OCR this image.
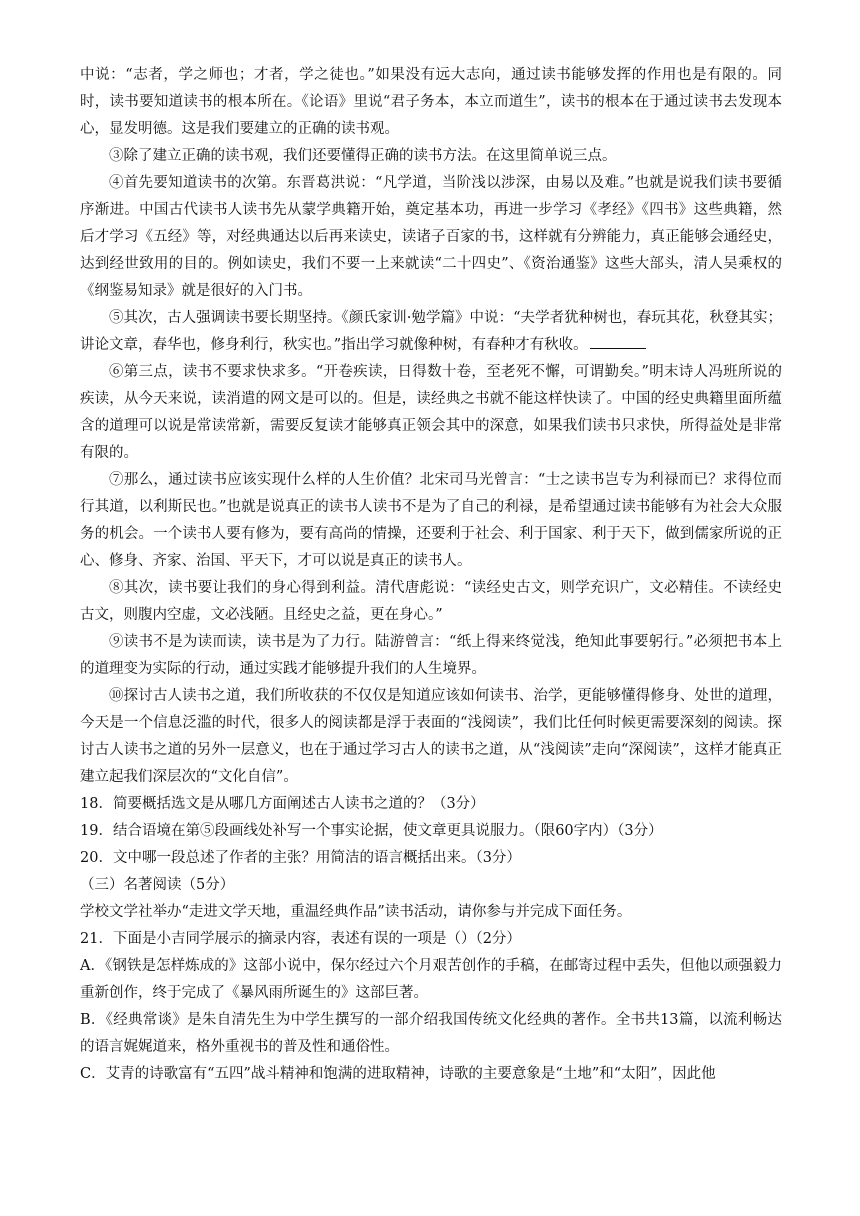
中说：“志者，学之师也；才者，学之徒也。”如果没有远大志向，通过读书能够发挥的作用也是有限的。同时，读书要知道读书的根本所在。《论语》里说“君子务本，本立而道生”，读书的根本在于通过读书去发现本心，显发明德。这是我们要建立的正确的读书观。

③除了建立正确的读书观，我们还要懂得正确的读书方法。在这里简单说三点。

④首先要知道读书的次第。东晋葛洪说：“凡学道，当阶浅以涉深，由易以及难。”也就是说我们读书要循序渐进。中国古代读书人读书先从蒙学典籍开始，奠定基本功，再进一步学习《孝经》《四书》这些典籍，然后才学习《五经》等，对经典通达以后再来读史，读诸子百家的书，这样就有分辨能力，真正能够会通经史，达到经世致用的目的。例如读史，我们不要一上来就读“二十四史”、《资治通鉴》这些大部头，清人吴乘权的《纲鉴易知录》就是很好的入门书。

⑤其次，古人强调读书要长期坚持。《颜氏家训·勉学篇》中说：“夫学者犹种树也，春玩其花，秋登其实；讲论文章，春华也，修身利行，秋实也。”指出学习就像种树，有春种才有秋收。

⑥第三点，读书不要求快求多。“开卷疾读，日得数十卷，至老死不懈，可谓勤矣。”明末诗人冯班所说的疾读，从今天来说，读消遣的网文是可以的。但是，读经典之书就不能这样快读了。中国的经史典籍里面所蕴含的道理可以说是常读常新，需要反复读才能够真正领会其中的深意，如果我们读书只求快，所得益处是非常有限的。

⑦那么，通过读书应该实现什么样的人生价值？北宋司马光曾言：“士之读书岂专为利禄而已？求得位而行其道，以利斯民也。”也就是说真正的读书人读书不是为了自己的利禄，是希望通过读书能够有为社会大众服务的机会。一个读书人要有修为，要有高尚的情操，还要利于社会、利于国家、利于天下，做到儒家所说的正心、修身、齐家、治国、平天下，才可以说是真正的读书人。

⑧其次，读书要让我们的身心得到利益。清代唐彪说：“读经史古文，则学充识广，文必精佳。不读经史古文，则腹内空虚，文必浅陋。且经史之益，更在身心。”

⑨读书不是为读而读，读书是为了力行。陆游曾言：“纸上得来终觉浅，绝知此事要躬行。”必须把书本上的道理变为实际的行动，通过实践才能够提升我们的人生境界。

⑩探讨古人读书之道，我们所收获的不仅仅是知道应该如何读书、治学，更能够懂得修身、处世的道理，今天是一个信息泛滥的时代，很多人的阅读都是浮于表面的“浅阅读”，我们比任何时候更需要深刻的阅读。探讨古人读书之道的另外一层意义，也在于通过学习古人的读书之道，从“浅阅读”走向“深阅读”，这样才能真正建立起我们深层次的“文化自信”。

18．简要概括选文是从哪几方面阐述古人读书之道的？（3分）

19．结合语境在第⑤段画线处补写一个事实论据，使文章更具说服力。（限60字内）（3分）

20．文中哪一段总述了作者的主张？用简洁的语言概括出来。（3分）

（三）名著阅读（5分）

学校文学社举办“走进文学天地，重温经典作品”读书活动，请你参与并完成下面任务。

21．下面是小吉同学展示的摘录内容，表述有误的一项是（）（2分）

A．《钢铁是怎样炼成的》这部小说中，保尔经过六个月艰苦创作的手稿，在邮寄过程中丢失，但他以顽强毅力重新创作，终于完成了《暴风雨所诞生的》这部巨著。

B．《经典常谈》是朱自清先生为中学生撰写的一部介绍我国传统文化经典的著作。全书共13篇，以流利畅达的语言娓娓道来，格外重视书的普及性和通俗性。

C．艾青的诗歌富有“五四”战斗精神和饱满的进取精神，诗歌的主要意象是“土地”和“太阳”，因此他
